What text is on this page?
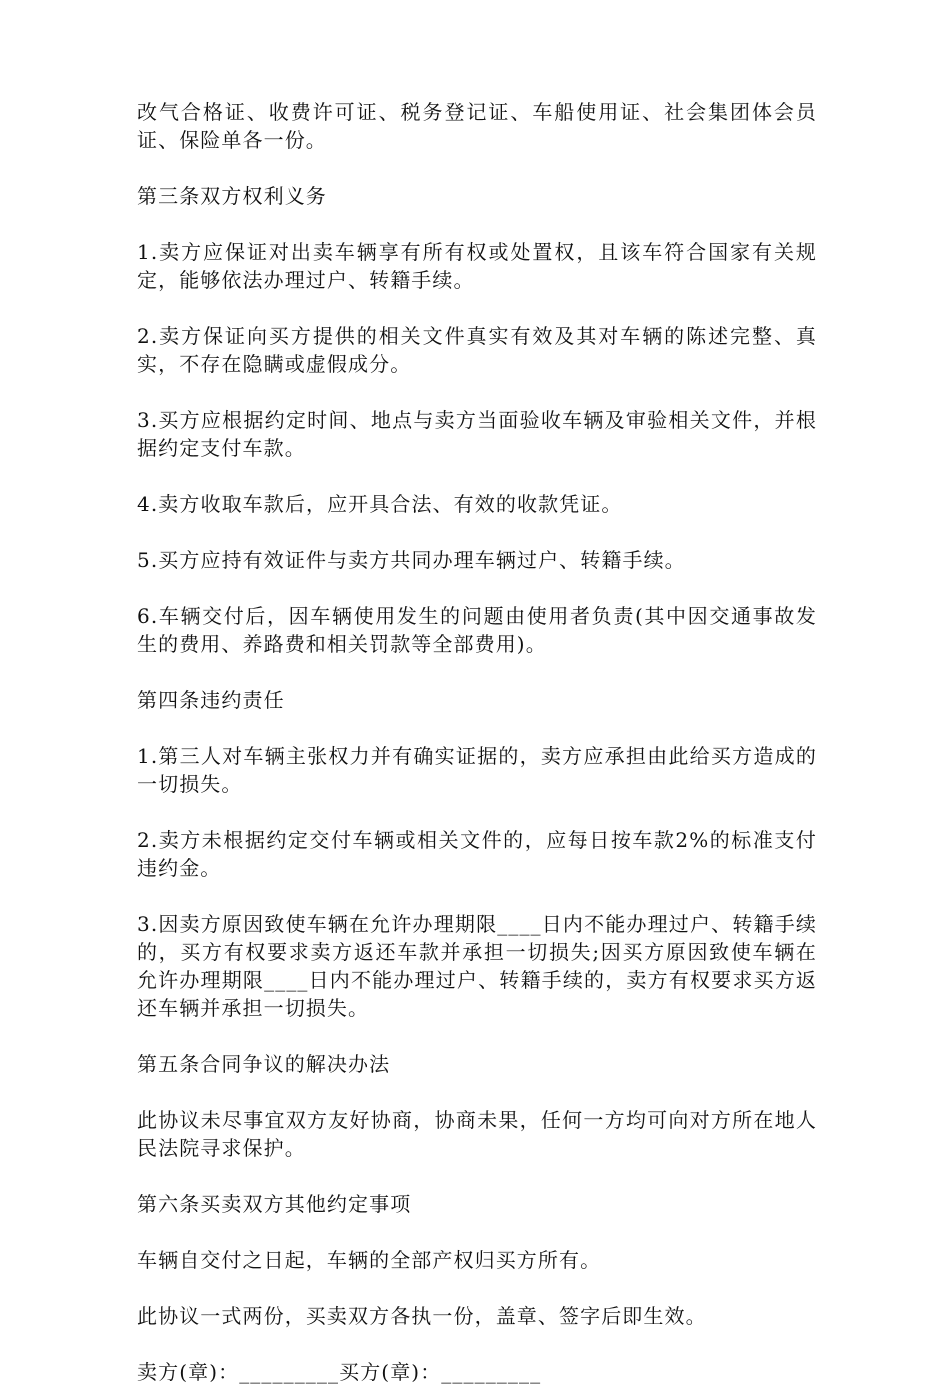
改气合格证、收费许可证、税务登记证、车船使用证、社会集团体会员证、保险单各一份。

第三条双方权利义务

1.卖方应保证对出卖车辆享有所有权或处置权，且该车符合国家有关规定，能够依法办理过户、转籍手续。

2.卖方保证向买方提供的相关文件真实有效及其对车辆的陈述完整、真实，不存在隐瞒或虚假成分。

3.买方应根据约定时间、地点与卖方当面验收车辆及审验相关文件，并根据约定支付车款。

4.卖方收取车款后，应开具合法、有效的收款凭证。

5.买方应持有效证件与卖方共同办理车辆过户、转籍手续。

6.车辆交付后，因车辆使用发生的问题由使用者负责(其中因交通事故发生的费用、养路费和相关罚款等全部费用)。

第四条违约责任

1.第三人对车辆主张权力并有确实证据的，卖方应承担由此给买方造成的一切损失。

2.卖方未根据约定交付车辆或相关文件的，应每日按车款2%的标准支付违约金。

3.因卖方原因致使车辆在允许办理期限____日内不能办理过户、转籍手续的，买方有权要求卖方返还车款并承担一切损失;因买方原因致使车辆在允许办理期限____日内不能办理过户、转籍手续的，卖方有权要求买方返还车辆并承担一切损失。

第五条合同争议的解决办法

此协议未尽事宜双方友好协商，协商未果，任何一方均可向对方所在地人民法院寻求保护。

第六条买卖双方其他约定事项

车辆自交付之日起，车辆的全部产权归买方所有。

此协议一式两份，买卖双方各执一份，盖章、签字后即生效。

卖方(章)：_________买方(章)：_________
